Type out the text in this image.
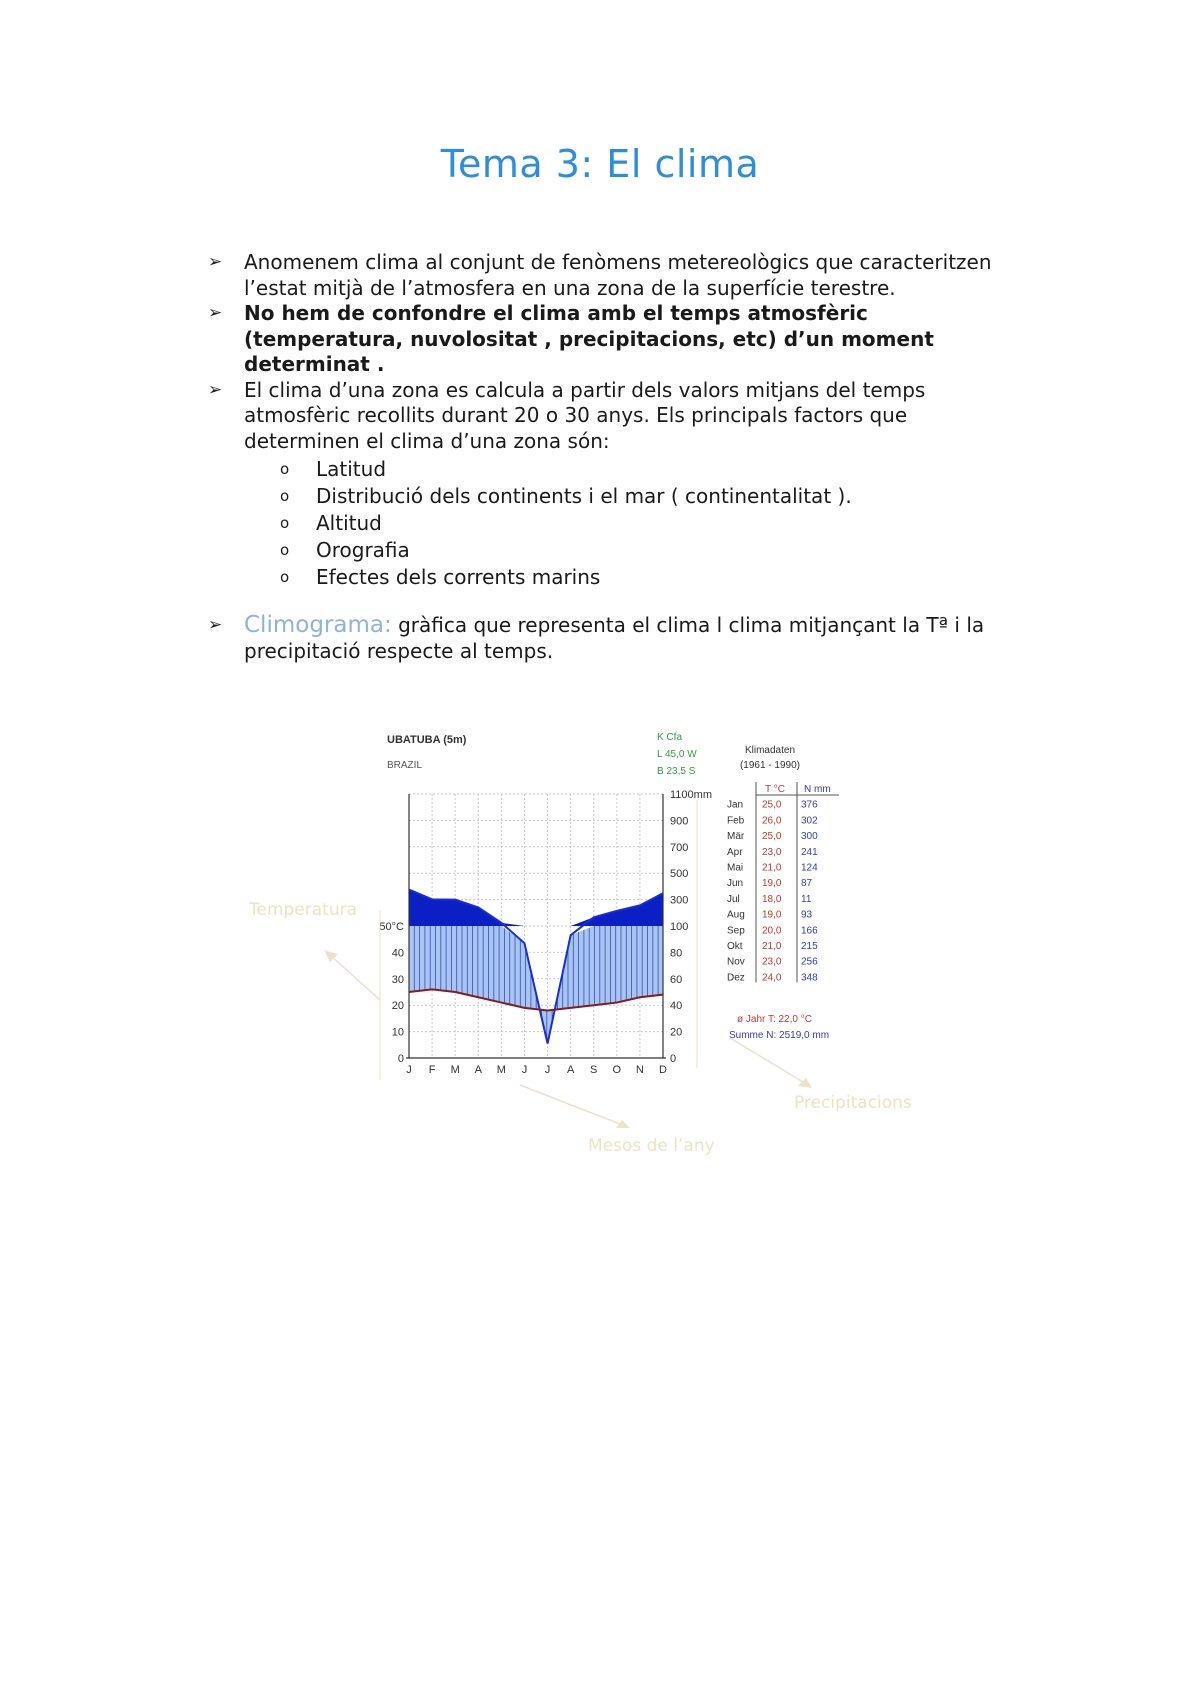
Tema 3: El clima
➢ Anomenem clima al conjunt de fenòmens metereològics que caracteritzen l’estat mitjà de l’atmosfera en una zona de la superfície terestre.
➢ No hem de confondre el clima amb el temps atmosfèric (temperatura, nuvolositat , precipitacions, etc) d’un moment determinat .
➢ El clima d’una zona es calcula a partir dels valors mitjans del temps atmosfèric recollits durant 20 o 30 anys. Els principals factors que determinen el clima d’una zona són:
o Latitud
o Distribució dels continents i el mar ( continentalitat ).
o Altitud
o Orografia
o Efectes dels corrents marins
➢ Climograma: gràfica que representa el clima l clima mitjançant la Tª i la precipitació respecte al temps.
0
10
20
30
40
50°C
0
20
40
60
80
100
300
500
700
900
1100mm
J F M A M J J A S O N D
UBATUBA (5m)
BRAZIL
K Cfa
L 45,0 W
B 23,5 S
Klimadaten
(1961 - 1990)
T °C N mm
Jan 25,0 376
Feb 26,0 302
Mär 25,0 300
Apr 23,0 241
Mai 21,0 124
Jun 19,0 87
Jul 18,0 11
Aug 19,0 93
Sep 20,0 166
Okt 21,0 215
Nov 23,0 256
Dez 24,0 348
ø Jahr T: 22,0 °C
Summe N: 2519,0 mm
Temperatura
Precipitacions
Mesos de l’any
